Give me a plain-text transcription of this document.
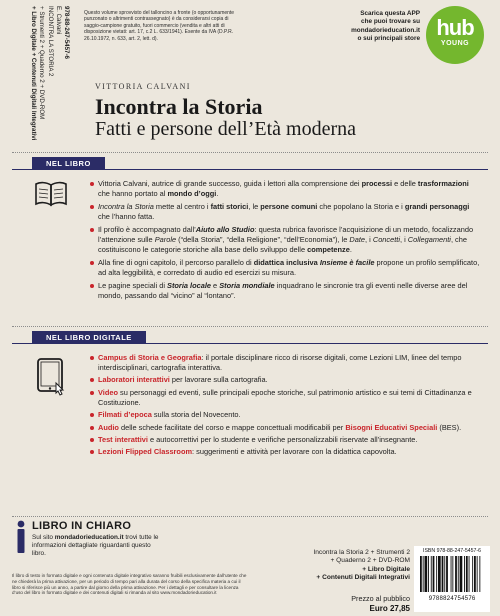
978-88-247-5457-6
E. Calvani
INCONTRA LA STORIA 2
+ Strumenti 2 + Quaderno 2 + DVD-ROM
+ Libro Digitale + Contenuti Digitali Integrativi	Questo volume sprovvisto del talloncino a fronte (o opportunamente punzonato o altrimenti contrassegnato) è da considerarsi copia di saggio-campione gratuito, fuori commercio (vendita e altri atti di disposizione vietati: art. 17, c.2 L. 633/1941). Esente da IVA (D.P.R. 26.10.1972, n. 633, art. 2, lett. d).
Scarica questa APP
che puoi trovare su
mondadorieducation.it
o sui principali store hub
YOUNG
VITTORIA CALVANI
Incontra la Storia
Fatti e persone dell’Età moderna
NEL LIBRO
Vittoria Calvani, autrice di grande successo, guida i lettori alla comprensione dei processi e delle trasformazioni che hanno portato al mondo d’oggi.
Incontra la Storia mette al centro i fatti storici, le persone comuni che popolano la Storia e i grandi personaggi che l’hanno fatta.
Il profilo è accompagnato dall’Aiuto allo Studio: questa rubrica favorisce l’acquisizione di un metodo, focalizzando l’attenzione sulle Parole (“della Storia”, “della Religione”, “dell’Economia”), le Date, i Concetti, i Collegamenti, che costituiscono le categorie storiche alla base dello sviluppo delle competenze.
Alla fine di ogni capitolo, il percorso parallelo di didattica inclusiva Insieme è facile propone un profilo semplificato, ad alta leggibilità, e corredato di audio ed esercizi su misura.
Le pagine speciali di Storia locale e Storia mondiale inquadrano le sincronie tra gli eventi nelle diverse aree del mondo, passando dal “vicino” al “lontano”.
NEL LIBRO DIGITALE
Campus di Storia e Geografia: il portale disciplinare ricco di risorse digitali, come Lezioni LIM, linee del tempo interdisciplinari, cartografia interattiva.
Laboratori interattivi per lavorare sulla cartografia.
Video su personaggi ed eventi, sulle principali epoche storiche, sul patrimonio artistico e sui temi di Cittadinanza e Costituzione.
Filmati d’epoca sulla storia del Novecento.
Audio delle schede facilitate del corso e mappe concettuali modificabili per Bisogni Educativi Speciali (BES).
Test interattivi e autocorrettivi per lo studente e verifiche personalizzabili riservate all’insegnante.
Lezioni Flipped Classroom: suggerimenti e attività per lavorare con la didattica capovolta.
LIBRO IN CHIARO
Sul sito mondadorieducation.it trovi tutte le informazioni dettagliate riguardanti questo libro.
Il libro di testo in formato digitale e ogni contenuto digitale integrativo saranno fruibili esclusivamente dall’utente che ne chiederà la prima attivazione, per un periodo di tempo pari alla durata del corso della specifica materia a cui il libro si riferisce più un anno, a partire dal giorno della prima attivazione. Per i dettagli e per consultare la licenza d’uso del libro in formato digitale e dei contenuti digitali si rimanda al sito www.mondadorieducation.it
Incontra la Storia 2 + Strumenti 2
+ Quaderno 2 + DVD-ROM
+ Libro Digitale
+ Contenuti Digitali Integrativi
Prezzo al pubblico
Euro 27,85
ISBN 978-88-247-5457-6
9788824754576
